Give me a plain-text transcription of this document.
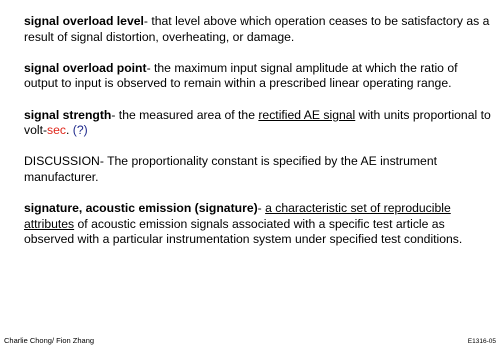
signal overload level- that level above which operation ceases to be satisfactory as a result of signal distortion, overheating, or damage.

signal overload point- the maximum input signal amplitude at which the ratio of output to input is observed to remain within a prescribed linear operating range.

signal strength- the measured area of the rectified AE signal with units proportional to volt-sec. (?)

DISCUSSION- The proportionality constant is specified by the AE instrument manufacturer.

signature, acoustic emission (signature)- a characteristic set of reproducible attributes of acoustic emission signals associated with a specific test article as observed with a particular instrumentation system under specified test conditions.

Charlie Chong/ Fion Zhang	E1316-05
